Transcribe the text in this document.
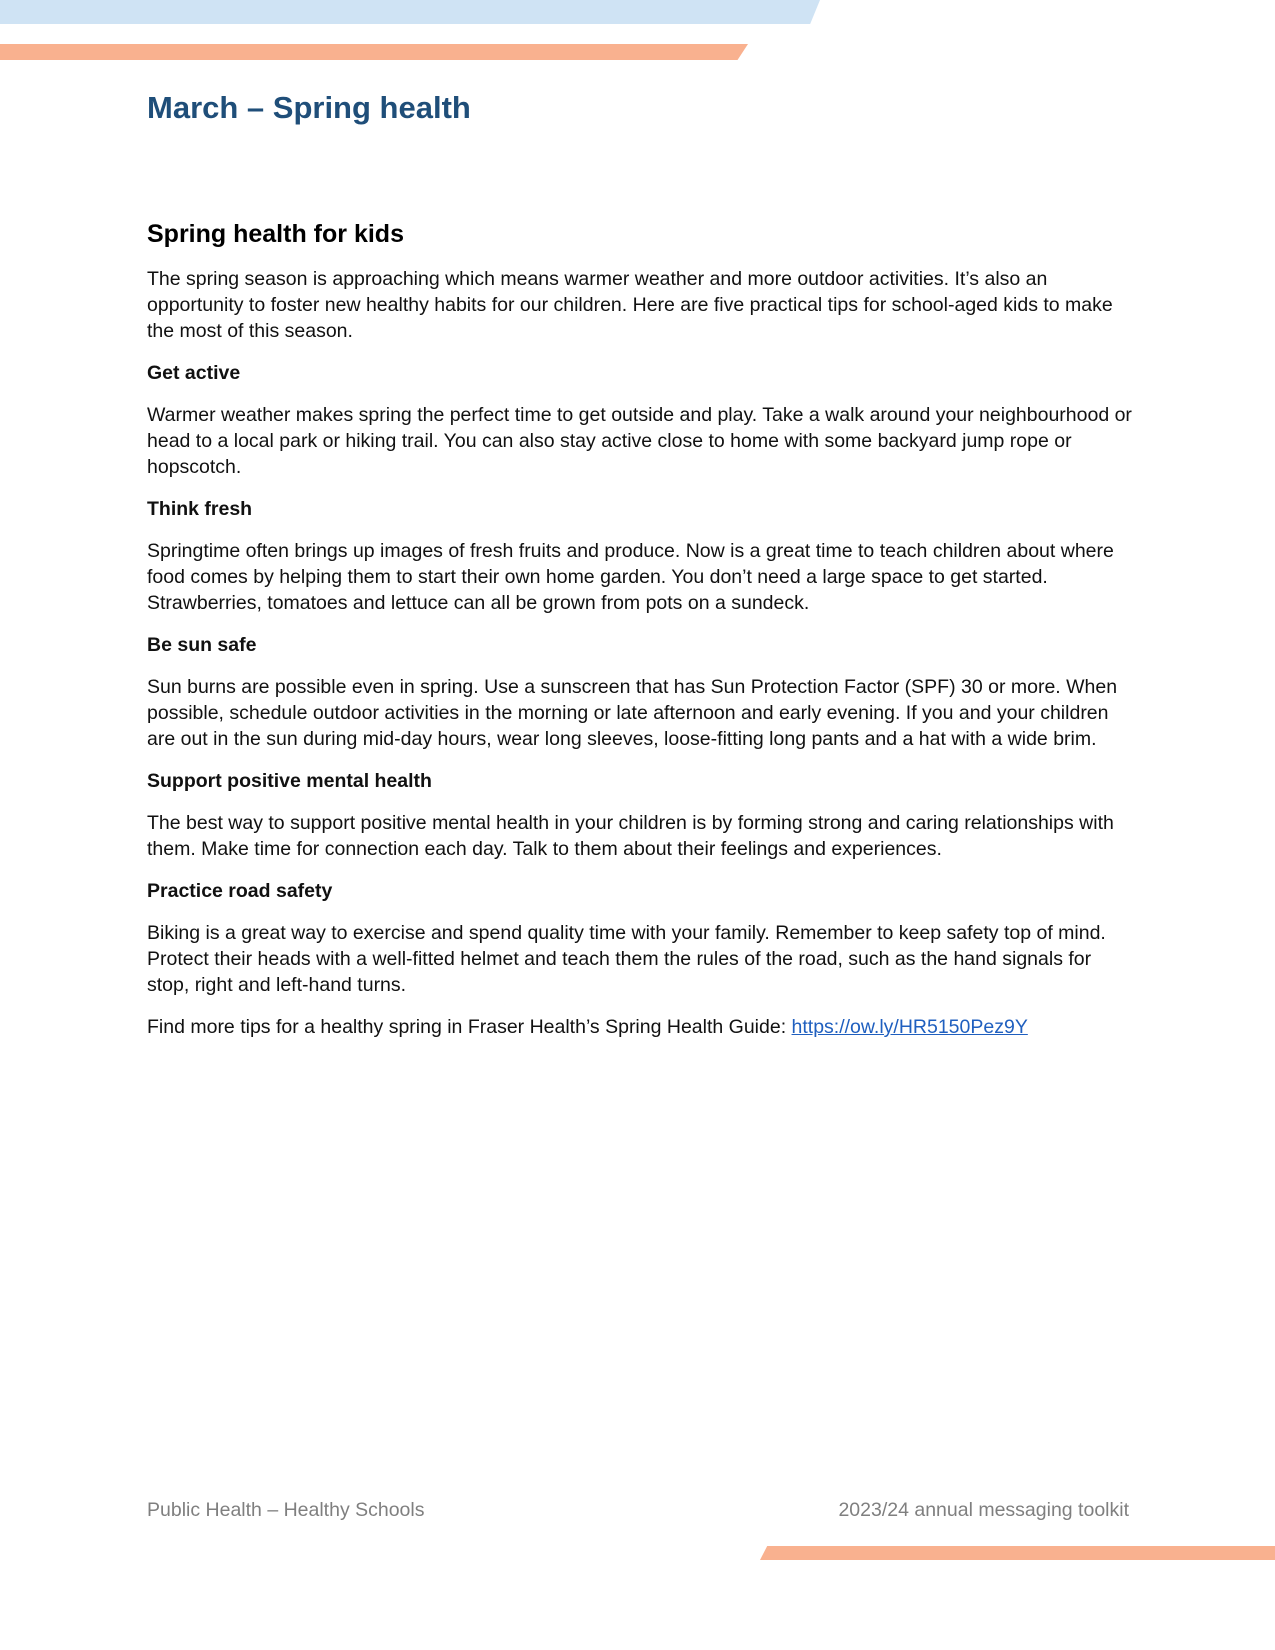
March – Spring health
Spring health for kids

The spring season is approaching which means warmer weather and more outdoor activities. It’s also an opportunity to foster new healthy habits for our children. Here are five practical tips for school-aged kids to make the most of this season.

Get active

Warmer weather makes spring the perfect time to get outside and play. Take a walk around your neighbourhood or head to a local park or hiking trail. You can also stay active close to home with some backyard jump rope or hopscotch.

Think fresh

Springtime often brings up images of fresh fruits and produce. Now is a great time to teach children about where food comes by helping them to start their own home garden. You don’t need a large space to get started. Strawberries, tomatoes and lettuce can all be grown from pots on a sundeck.

Be sun safe

Sun burns are possible even in spring. Use a sunscreen that has Sun Protection Factor (SPF) 30 or more. When possible, schedule outdoor activities in the morning or late afternoon and early evening. If you and your children are out in the sun during mid-day hours, wear long sleeves, loose-fitting long pants and a hat with a wide brim.

Support positive mental health

The best way to support positive mental health in your children is by forming strong and caring relationships with them. Make time for connection each day. Talk to them about their feelings and experiences.

Practice road safety

Biking is a great way to exercise and spend quality time with your family. Remember to keep safety top of mind. Protect their heads with a well-fitted helmet and teach them the rules of the road, such as the hand signals for stop, right and left-hand turns.

Find more tips for a healthy spring in Fraser Health’s Spring Health Guide: https://ow.ly/HR5150Pez9Y

Public Health – Healthy Schools	2023/24 annual messaging toolkit
